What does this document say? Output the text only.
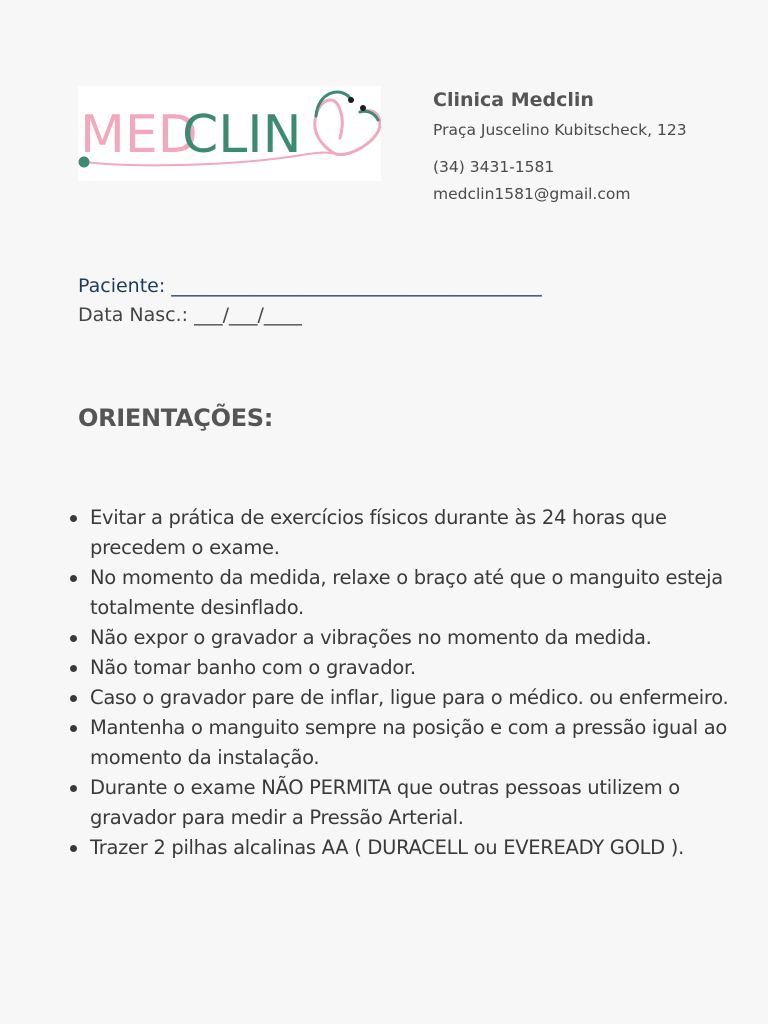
MED
CLIN

Clinica Medclin

Praça Juscelino Kubitscheck, 123

(34) 3431-1581

medclin1581@gmail.com

Paciente: _______________________________________
Data Nasc.: ___/___/____
ORIENTAÇÕES:
Evitar a prática de exercícios físicos durante às 24 horas que precedem o exame.
No momento da medida, relaxe o braço até que o manguito esteja totalmente desinflado.
Não expor o gravador a vibrações no momento da medida.
Não tomar banho com o gravador.
Caso o gravador pare de inflar, ligue para o médico. ou enfermeiro.
Mantenha o manguito sempre na posição e com a pressão igual ao momento da instalação.
Durante o exame NÃO PERMITA que outras pessoas utilizem o gravador para medir a Pressão Arterial.
Trazer 2 pilhas alcalinas AA ( DURACELL ou EVEREADY GOLD ).
